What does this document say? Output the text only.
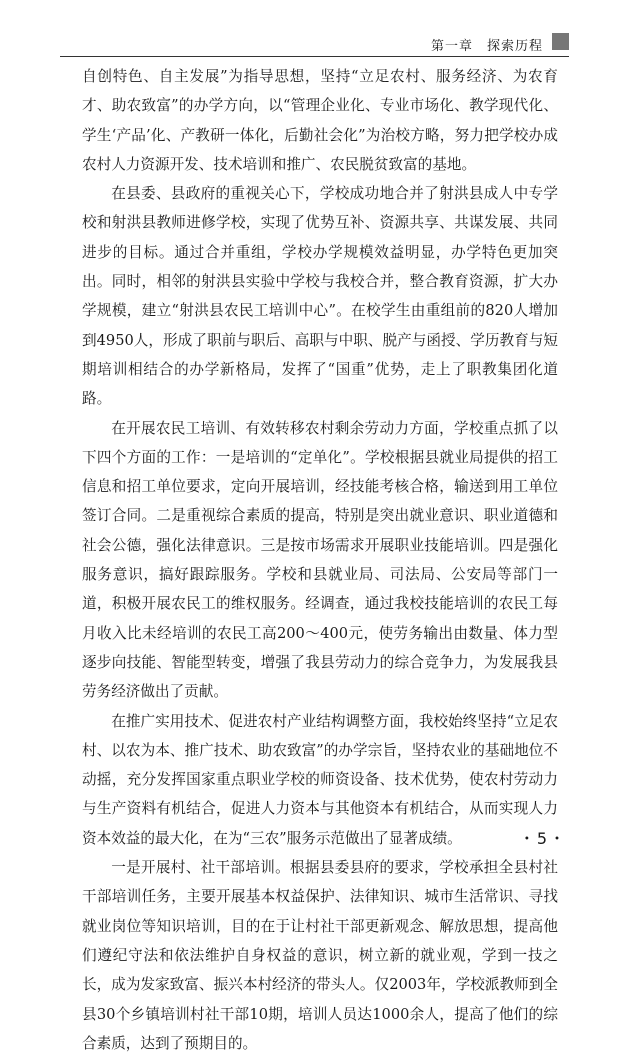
第一章　探索历程

自创特色、自主发展”为指导思想，坚持“立足农村、服务经济、为农育才、助农致富”的办学方向，以“管理企业化、专业市场化、教学现代化、学生‘产品’化、产教研一体化，后勤社会化”为治校方略，努力把学校办成农村人力资源开发、技术培训和推广、农民脱贫致富的基地。

在县委、县政府的重视关心下，学校成功地合并了射洪县成人中专学校和射洪县教师进修学校，实现了优势互补、资源共享、共谋发展、共同进步的目标。通过合并重组，学校办学规模效益明显，办学特色更加突出。同时，相邻的射洪县实验中学校与我校合并，整合教育资源，扩大办学规模，建立“射洪县农民工培训中心”。在校学生由重组前的820人增加到4950人，形成了职前与职后、高职与中职、脱产与函授、学历教育与短期培训相结合的办学新格局，发挥了“国重”优势，走上了职教集团化道路。

在开展农民工培训、有效转移农村剩余劳动力方面，学校重点抓了以下四个方面的工作：一是培训的“定单化”。学校根据县就业局提供的招工信息和招工单位要求，定向开展培训，经技能考核合格，输送到用工单位签订合同。二是重视综合素质的提高，特别是突出就业意识、职业道德和社会公德，强化法律意识。三是按市场需求开展职业技能培训。四是强化服务意识，搞好跟踪服务。学校和县就业局、司法局、公安局等部门一道，积极开展农民工的维权服务。经调查，通过我校技能培训的农民工每月收入比未经培训的农民工高200～400元，使劳务输出由数量、体力型逐步向技能、智能型转变，增强了我县劳动力的综合竞争力，为发展我县劳务经济做出了贡献。

在推广实用技术、促进农村产业结构调整方面，我校始终坚持“立足农村、以农为本、推广技术、助农致富”的办学宗旨，坚持农业的基础地位不动摇，充分发挥国家重点职业学校的师资设备、技术优势，使农村劳动力与生产资料有机结合，促进人力资本与其他资本有机结合，从而实现人力资本效益的最大化，在为“三农”服务示范做出了显著成绩。

一是开展村、社干部培训。根据县委县府的要求，学校承担全县村社干部培训任务，主要开展基本权益保护、法律知识、城市生活常识、寻找就业岗位等知识培训，目的在于让村社干部更新观念、解放思想，提高他们遵纪守法和依法维护自身权益的意识，树立新的就业观，学到一技之长，成为发家致富、振兴本村经济的带头人。仅2003年，学校派教师到全县30个乡镇培训村社干部10期，培训人员达1000余人，提高了他们的综合素质，达到了预期目的。

・5・
